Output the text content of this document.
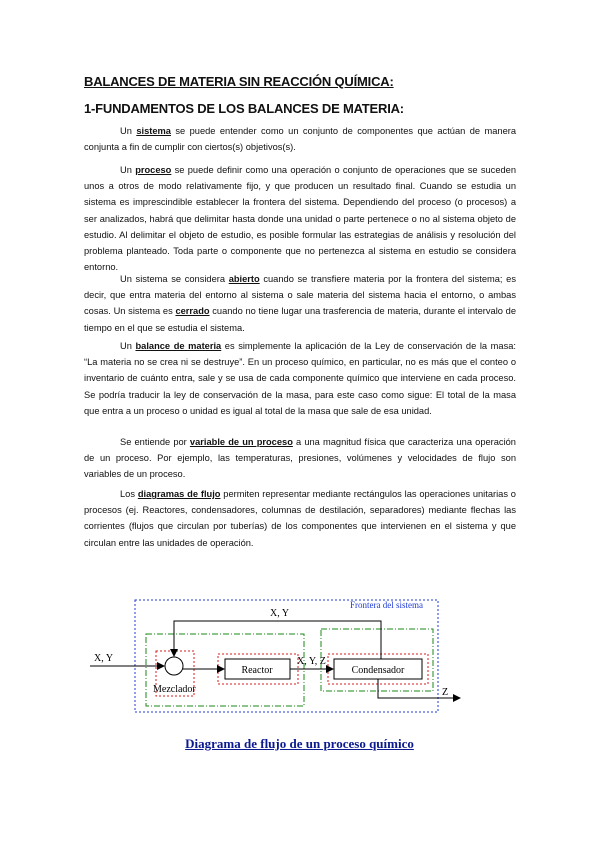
BALANCES DE MATERIA SIN REACCIÓN QUÍMICA:
1-FUNDAMENTOS DE LOS BALANCES DE MATERIA:

Un sistema se puede entender como un conjunto de componentes que actúan de manera conjunta a fin de cumplir con ciertos(s) objetivos(s).

Un proceso se puede definir como una operación o conjunto de operaciones que se suceden unos a otros de modo relativamente fijo, y que producen un resultado final. Cuando se estudia un sistema es imprescindible establecer la frontera del sistema. Dependiendo del proceso (o procesos) a ser analizados, habrá que delimitar hasta donde una unidad o parte pertenece o no al sistema objeto de estudio. Al delimitar el objeto de estudio, es posible formular las estrategias de análisis y resolución del problema planteado. Toda parte o componente que no pertenezca al sistema en estudio se considera entorno.

Un sistema se considera abierto cuando se transfiere materia por la frontera del sistema; es decir, que entra materia del entorno al sistema o sale materia del sistema hacia el entorno, o ambas cosas. Un sistema es cerrado cuando no tiene lugar una trasferencia de materia, durante el intervalo de tiempo en el que se estudia el sistema.

Un balance de materia es simplemente la aplicación de la Ley de conservación de la masa: “La materia no se crea ni se destruye”. En un proceso químico, en particular, no es más que el conteo o inventario de cuánto entra, sale y se usa de cada componente químico que interviene en cada proceso. Se podría traducir la ley de conservación de la masa, para este caso como sigue: El total de la masa que entra a un proceso o unidad es igual al total de la masa que sale de esa unidad.

Se entiende por variable de un proceso a una magnitud física que caracteriza una operación de un proceso. Por ejemplo, las temperaturas, presiones, volúmenes y velocidades de flujo son variables de un proceso.

Los diagramas de flujo permiten representar mediante rectángulos las operaciones unitarias o procesos (ej. Reactores, condensadores, columnas de destilación, separadores) mediante flechas las corrientes (flujos que circulan por tuberías) de los componentes que intervienen en el sistema y que circulan entre las unidades de operación.

Frontera del sistema
Mezclador
Reactor	Condensador
X, Y	X, Y, Z
X, Y
Z

Diagrama de flujo de un proceso químico
